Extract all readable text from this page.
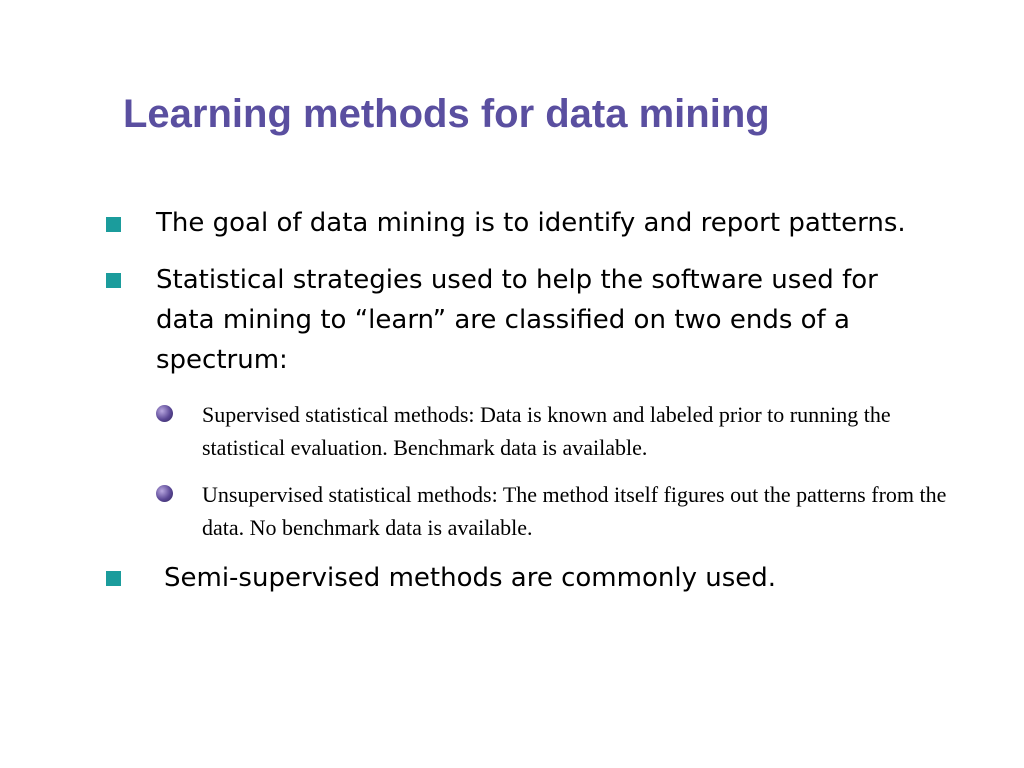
Learning methods for data mining
The goal of data mining is to identify and report patterns.
Statistical strategies used to help the software used for data mining to “learn” are classified on two ends of a spectrum:
Supervised statistical methods: Data is known and labeled prior to running the statistical evaluation. Benchmark data is available.
Unsupervised statistical methods: The method itself figures out the patterns from the data. No benchmark data is available.
Semi-supervised methods are commonly used.
